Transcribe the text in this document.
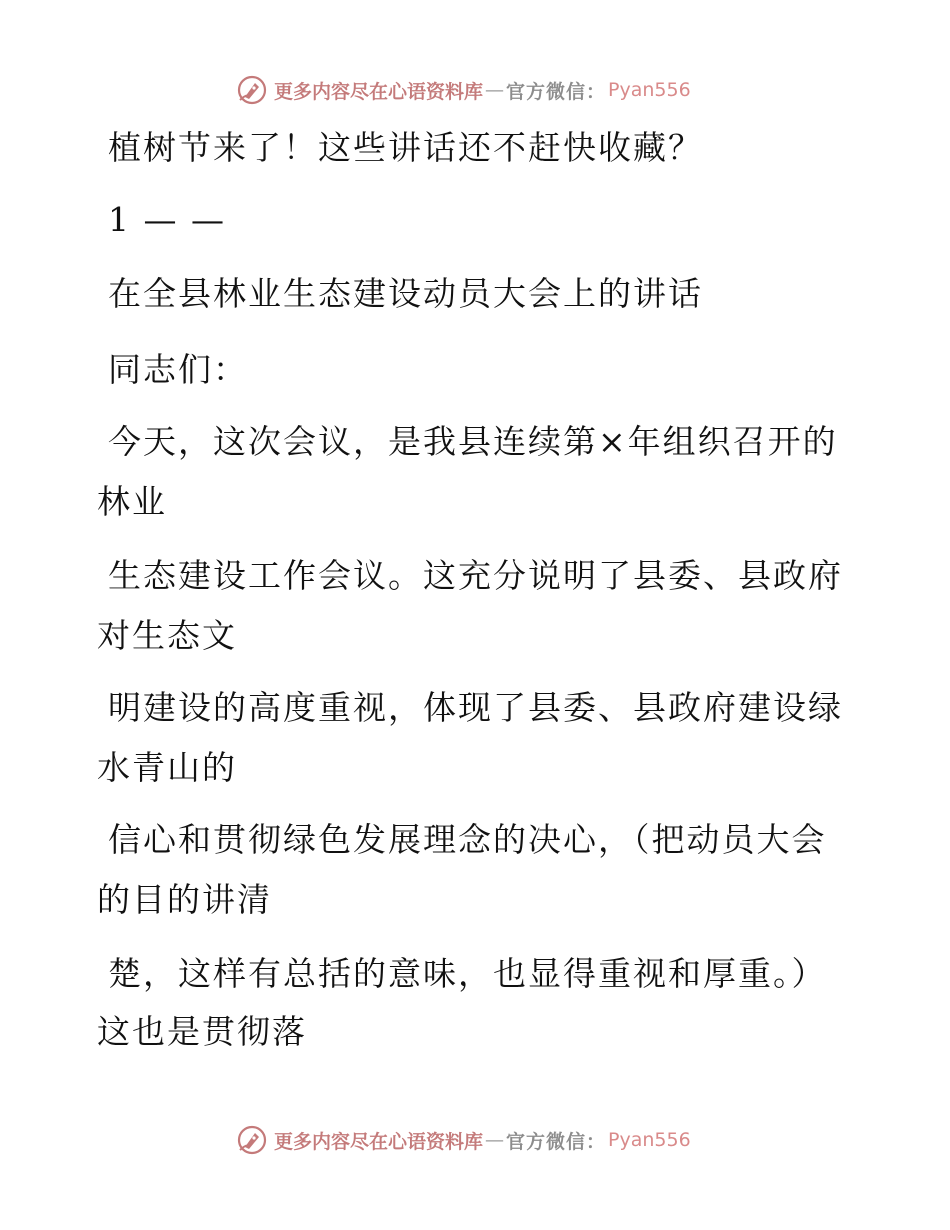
更多内容尽在心语资料库 — 官方微信： Pyan556
植树节来了！这些讲话还不赶快收藏？
1 — —
在全县林业生态建设动员大会上的讲话
同志们：
今天，这次会议，是我县连续第×年组织召开的
林业
生态建设工作会议。这充分说明了县委、县政府
对生态文
明建设的高度重视，体现了县委、县政府建设绿
水青山的
信心和贯彻绿色发展理念的决心，（把动员大会
的目的讲清
楚，这样有总括的意味，也显得重视和厚重。）
这也是贯彻落
更多内容尽在心语资料库 — 官方微信： Pyan556
